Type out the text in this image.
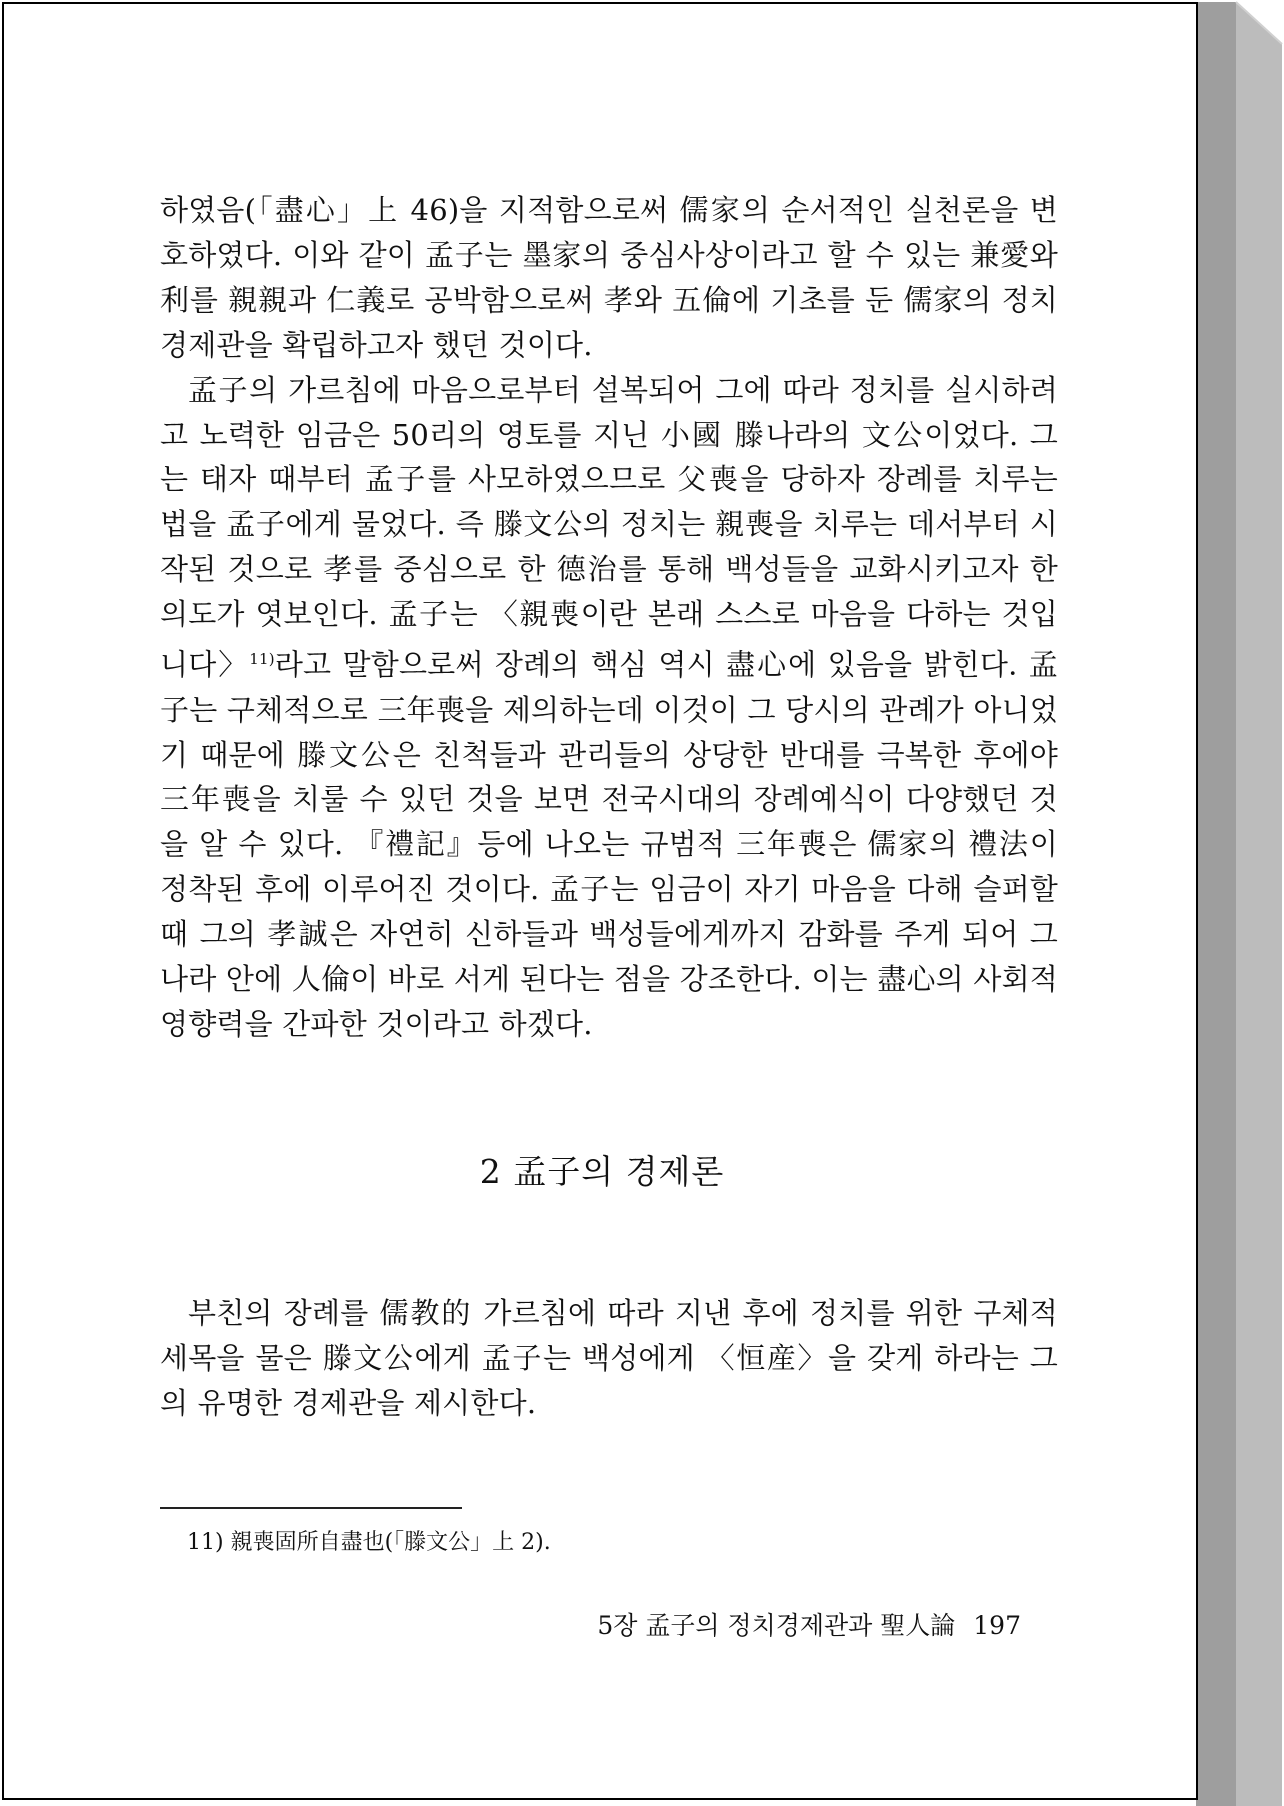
하였음(「盡心」上 46)을 지적함으로써 儒家의 순서적인 실천론을 변호하였다. 이와 같이 孟子는 墨家의 중심사상이라고 할 수 있는 兼愛와 利를 親親과 仁義로 공박함으로써 孝와 五倫에 기초를 둔 儒家의 정치경제관을 확립하고자 했던 것이다.

孟子의 가르침에 마음으로부터 설복되어 그에 따라 정치를 실시하려고 노력한 임금은 50리의 영토를 지닌 小國 滕나라의 文公이었다. 그는 태자 때부터 孟子를 사모하였으므로 父喪을 당하자 장례를 치루는 법을 孟子에게 물었다. 즉 滕文公의 정치는 親喪을 치루는 데서부터 시작된 것으로 孝를 중심으로 한 德治를 통해 백성들을 교화시키고자 한 의도가 엿보인다. 孟子는 〈親喪이란 본래 스스로 마음을 다하는 것입니다〉$^{11)}$라고 말함으로써 장례의 핵심 역시 盡心에 있음을 밝힌다. 孟子는 구체적으로 三年喪을 제의하는데 이것이 그 당시의 관례가 아니었기 때문에 滕文公은 친척들과 관리들의 상당한 반대를 극복한 후에야 三年喪을 치룰 수 있던 것을 보면 전국시대의 장례예식이 다양했던 것을 알 수 있다. 『禮記』등에 나오는 규범적 三年喪은 儒家의 禮法이 정착된 후에 이루어진 것이다. 孟子는 임금이 자기 마음을 다해 슬퍼할 때 그의 孝誠은 자연히 신하들과 백성들에게까지 감화를 주게 되어 그 나라 안에 人倫이 바로 서게 된다는 점을 강조한다. 이는 盡心의 사회적 영향력을 간파한 것이라고 하겠다.

2 孟子의 경제론

부친의 장례를 儒教的 가르침에 따라 지낸 후에 정치를 위한 구체적 세목을 물은 滕文公에게 孟子는 백성에게 〈恒産〉을 갖게 하라는 그의 유명한 경제관을 제시한다.

11) 親喪固所自盡也(「滕文公」上 2).
5장 孟子의 정치경제관과 聖人論 197
